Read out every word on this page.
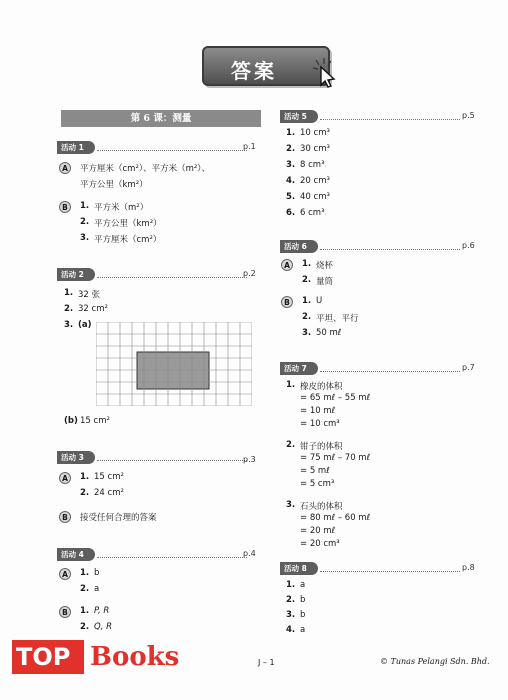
答案
第 6 课：测量
活动 1	p.1
A	平方厘米（cm²）、平方米（m²）、
平方公里（km²）
B	1. 平方米（m²）
2. 平方公里（km²）
3. 平方厘米（cm²）
活动 2	p.2
1. 32 张
2. 32 cm²
3. (a)
(b) 15 cm²
活动 3	p.3
A	1. 15 cm²
2. 24 cm²
B	接受任何合理的答案
活动 4	p.4
A	1. b
2. a
B	1. P, R
2. Q, R
活动 5	p.5
活动 6	p.6
A	1. 烧杯
2. 量筒
B	1. U
2. 平坦、平行
3. 50 mℓ
活动 7	p.7
活动 8	p.8
J – 1	© Tunas Pelangi Sdn. Bhd.
TOP Books
1. 10 cm³
2. 30 cm³
3. 8 cm³
4. 20 cm³
5. 40 cm³
6. 6 cm³
1. 橡皮的体积
= 65 mℓ – 55 mℓ
= 10 mℓ
= 10 cm³
2. 钳子的体积
= 75 mℓ – 70 mℓ
= 5 mℓ
= 5 cm³
3. 石头的体积
= 80 mℓ – 60 mℓ
= 20 mℓ
= 20 cm³
1. a
2. b
3. b
4. a
